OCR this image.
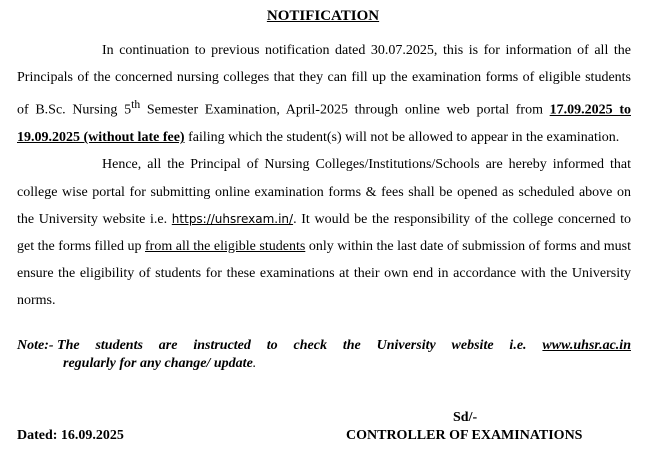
NOTIFICATION

In continuation to previous notification dated 30.07.2025, this is for information of all the Principals of the concerned nursing colleges that they can fill up the examination forms of eligible students of B.Sc. Nursing 5th Semester Examination, April-2025 through online web portal from 17.09.2025 to 19.09.2025 (without late fee) failing which the student(s) will not be allowed to appear in the examination.

Hence, all the Principal of Nursing Colleges/Institutions/Schools are hereby informed that college wise portal for submitting online examination forms & fees shall be opened as scheduled above on the University website i.e. https://uhsrexam.in/. It would be the responsibility of the college concerned to get the forms filled up from all the eligible students only within the last date of submission of forms and must ensure the eligibility of students for these examinations at their own end in accordance with the University norms.

Note:- The students are instructed to check the University website i.e. www.uhsr.ac.in
regularly for any change/ update.
Sd/-
Dated: 16.09.2025	CONTROLLER OF EXAMINATIONS
